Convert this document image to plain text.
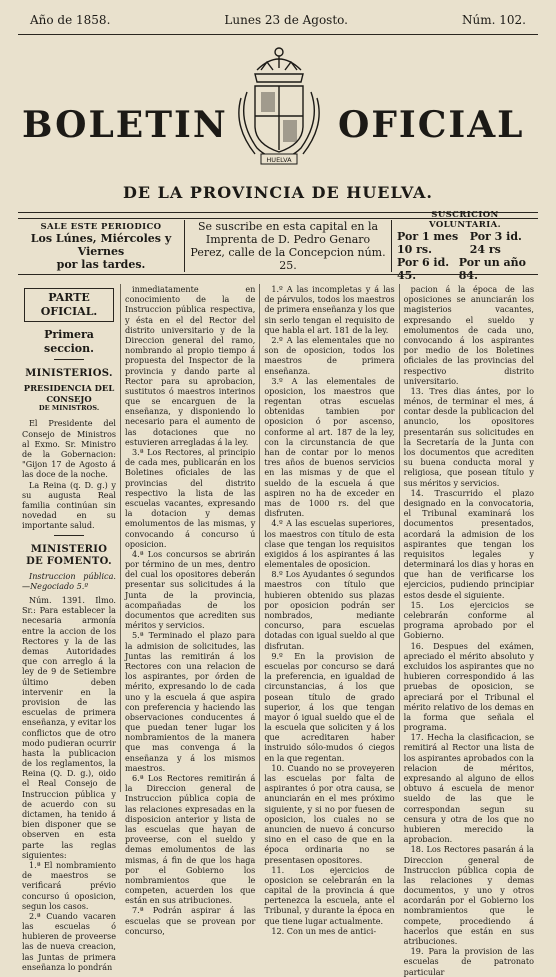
Año de 1858.	Lunes 23 de Agosto.	Núm. 102.
BOLETIN	OFICIAL
HUELVA
DE LA PROVINCIA DE HUELVA.
SALE ESTE PERIODICO
Los Lúnes, Miércoles y Viernes
por las tardes.
Se suscribe en esta capital en la Imprenta de D. Pedro Genaro Perez, calle de la Concepcion núm. 25.
SUSCRICION VOLUNTARIA.
Por 1 mes 10 rs.
Por 3 id. 24 rs
Por 6 id. 45.
Por un año 84.
PARTE OFICIAL.
Primera seccion.
MINISTERIOS.
PRESIDENCIA DEL CONSEJO
DE MINISTROS.

El Presidente del Consejo de Ministros al Exmo. Sr. Ministro de la Gobernacion: "Gijon 17 de Agosto á las doce de la noche.

La Reina (q. D. g.) y su augusta Real familia continúan sin novedad en su importante salud.

MINISTERIO DE FOMENTO.

Instruccion pública.—Negociado 5.º

Núm. 1391. Ilmo. Sr.: Para establecer la necesaria armonía entre la accion de los Rectores y la de las demas Autoridades que con arreglo á la ley de 9 de Setiembre último deben intervenir en la provision de las escuelas de primera enseñanza, y evitar los conflictos que de otro modo pudieran ocurrir hasta la publicacion de los reglamentos, la Reina (Q. D. g.), oido el Real Consejo de Instruccion pública y de acuerdo con su dictamen, ha tenido á bien disponer que se observen en esta parte las reglas siguientes:

1.ª El nombramiento de maestros se verificará prévio concurso ú oposicion, segun los casos.

2.ª Cuando vacaren las escuelas ó hubieren de proveerse las de nueva creacion, las Juntas de primera enseñanza lo pondrán

inmediatamente en conocimiento de la de Instruccion pública respectiva, y ésta en el del Rector del distrito universitario y de la Direccion general del ramo, nombrando al propio tiempo á propuesta del Inspector de la provincia y dando parte al Rector para su aprobacion, sustitutos ó maestros interinos que se encarguen de la enseñanza, y disponiendo lo necesario para el aumento de las dotaciones que no estuvieren arregladas á la ley.

3.ª Los Rectores, al principio de cada mes, publicarán en los Boletines oficiales de las provincias del distrito respectivo la lista de las escuelas vacantes, expresando la dotacion y demas emolumentos de las mismas, y convocando á concurso ú oposicion.

4.ª Los concursos se abrirán por término de un mes, dentro del cual los opositores deberán presentar sus solicitudes á la Junta de la provincia, acompañadas de los documentos que acrediten sus méritos y servicios.

5.ª Terminado el plazo para la admision de solicitudes, las Juntas las remitirán á los Rectores con una relacion de los aspirantes, por órden de mérito, expresando lo de cada uno y la escuela á que aspira con preferencia y haciendo las observaciones conducentes á que puedan tener lugar los nombramientos de la manera que mas convenga á la enseñanza y á los mismos maestros.

6.ª Los Rectores remitirán á la Direccion general de Instruccion pública copia de las relaciones expresadas en la disposicion anterior y lista de las escuelas que hayan de proveerse, con el sueldo y demas emolumentos de las mismas, á fin de que los haga por el Gobierno los nombramientos que le competen, acuerden los que están en sus atribuciones.

7.ª Podrán aspirar á las escuelas que se provean por concurso,

1.º A las incompletas y á las de párvulos, todos los maestros de primera enseñanza y los que sin serlo tengan el requisito de que habla el art. 181 de la ley.

2.º A las elementales que no son de oposicion, todos los maestros de primera enseñanza.

3.º A las elementales de oposicion, los maestros que regentan otras escuelas obtenidas tambien por oposicion ó por ascenso, conforme al art. 187 de la ley, con la circunstancia de que han de contar por lo menos tres años de buenos servicios en las mismas y de que el sueldo de la escuela á que aspiren no ha de exceder en mas de 1000 rs. del que disfruten.

4.º A las escuelas superiores, los maestros con título de esta clase que tengan los requisitos exigidos á los aspirantes á las elementales de oposicion.

8.º Los Ayudantes ó segundos maestros con título que hubieren obtenido sus plazas por oposicion podrán ser nombrados, mediante concurso, para escuelas dotadas con igual sueldo al que disfrutan.

9.º En la provision de escuelas por concurso se dará la preferencia, en igualdad de circunstancias, á los que posean título de grado superior, á los que tengan mayor ó igual sueldo que el de la escuela que soliciten y á los que acreditaren haber instruido sólo-mudos ó ciegos en la que regentan.

10. Cuando no se proveyeren las escuelas por falta de aspirantes ó por otra causa, se anunciarán en el mes próximo siguiente, y si no por fuesen de oposicion, los cuales no se anuncien de nuevo á concurso sino en el caso de que en la época ordinaria no se presentasen opositores.

11. Los ejercicios de oposicion se celebrarán en la capital de la provincia á que pertenezca la escuela, ante el Tribunal, y durante la época en que tiene lugar actualmente.

12. Con un mes de antici-

pacion á la época de las oposiciones se anunciarán los magisterios vacantes, expresando el sueldo y emolumentos de cada uno, convocando á los aspirantes por medio de los Boletines oficiales de las provincias del respectivo distrito universitario.

13. Tres dias ántes, por lo ménos, de terminar el mes, á contar desde la publicacion del anuncio, los opositores presentarán sus solicitudes en la Secretaría de la Junta con los documentos que acrediten su buena conducta moral y religiosa, que posean título y sus méritos y servicios.

14. Trascurrido el plazo designado en la convocatoria, el Tribunal examinará los documentos presentados, acordará la admision de los aspirantes que tengan los requisitos legales y determinará los dias y horas en que han de verificarse los ejercicios, pudiendo principiar estos desde el siguiente.

15. Los ejercicios se celebrarán conforme al programa aprobado por el Gobierno.

16. Despues del exámen, apreciado el mérito absoluto y excluidos los aspirantes que no hubieren correspondido á las pruebas de oposicion, se apreciará por el Tribunal el mérito relativo de los demas en la forma que señala el programa.

17. Hecha la clasificacion, se remitirá al Rector una lista de los aspirantes aprobados con la relacion de méritos, expresando al alguno de ellos obtuvo á escuela de menor sueldo de las que le correspondan segun su censura y otra de los que no hubieren merecido la aprobacion.

18. Los Rectores pasarán á la Direccion general de Instruccion pública copia de las relaciones y demas documentos, y uno y otros acordarán por el Gobierno los nombramientos que le compete, procediendo á hacerlos que están en sus atribuciones.

19. Para la provision de las escuelas de patronato particular
